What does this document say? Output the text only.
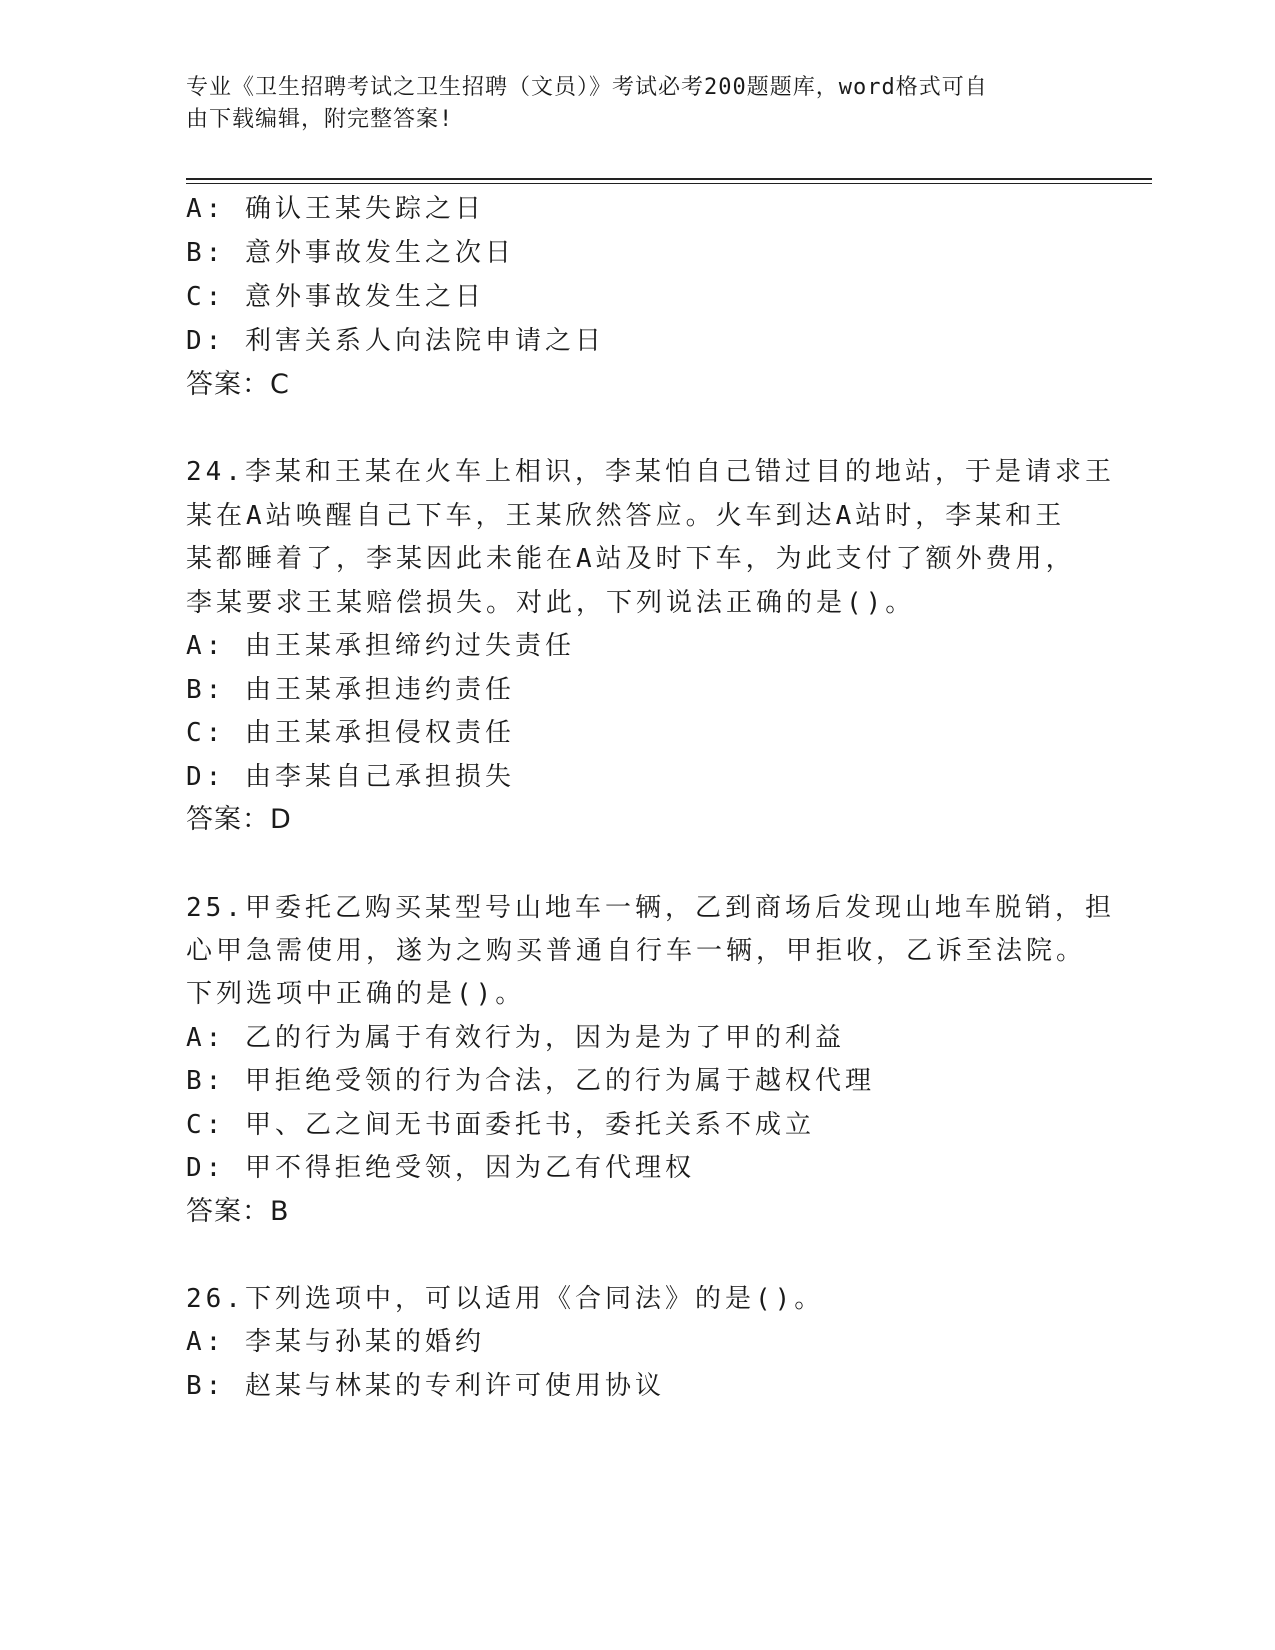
专业《卫生招聘考试之卫生招聘（文员）》考试必考200题题库，word格式可自
由下载编辑，附完整答案!
A: 确认王某失踪之日
B: 意外事故发生之次日
C: 意外事故发生之日
D: 利害关系人向法院申请之日
答案：C
24.李某和王某在火车上相识，李某怕自己错过目的地站，于是请求王
某在A站唤醒自己下车，王某欣然答应。火车到达A站时，李某和王
某都睡着了，李某因此未能在A站及时下车，为此支付了额外费用，
李某要求王某赔偿损失。对此，下列说法正确的是()。
A: 由王某承担缔约过失责任
B: 由王某承担违约责任
C: 由王某承担侵权责任
D: 由李某自己承担损失
答案：D
25.甲委托乙购买某型号山地车一辆，乙到商场后发现山地车脱销，担
心甲急需使用，遂为之购买普通自行车一辆，甲拒收，乙诉至法院。
下列选项中正确的是()。
A: 乙的行为属于有效行为，因为是为了甲的利益
B: 甲拒绝受领的行为合法，乙的行为属于越权代理
C: 甲、乙之间无书面委托书，委托关系不成立
D: 甲不得拒绝受领，因为乙有代理权
答案：B
26.下列选项中，可以适用《合同法》的是()。
A: 李某与孙某的婚约
B: 赵某与林某的专利许可使用协议
